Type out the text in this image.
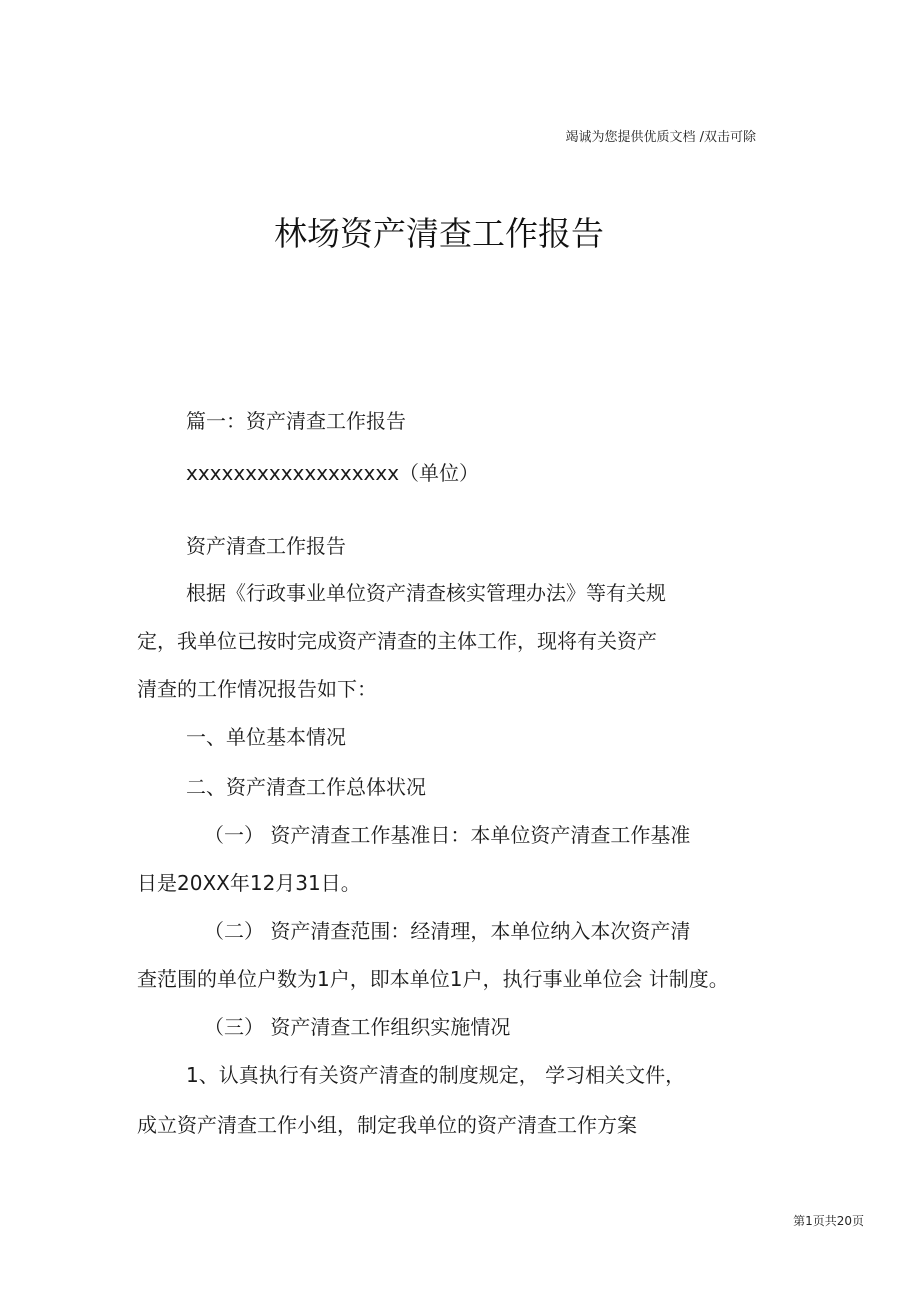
竭诚为您提供优质文档 /双击可除
林场资产清查工作报告
篇一：资产清查工作报告
xxxxxxxxxxxxxxxxxx（单位）
资产清查工作报告
根据《行政事业单位资产清查核实管理办法》等有关规
定，我单位已按时完成资产清查的主体工作，现将有关资产
清查的工作情况报告如下：
一、单位基本情况
二、资产清查工作总体状况
（一） 资产清查工作基准日：本单位资产清查工作基准
日是20XX年12月31日。
（二） 资产清查范围：经清理，本单位纳入本次资产清
查范围的单位户数为1户，即本单位1户，执行事业单位会 计制度。
（三） 资产清查工作组织实施情况
1、认真执行有关资产清查的制度规定， 学习相关文件，
成立资产清查工作小组，制定我单位的资产清查工作方案
第1页共20页
